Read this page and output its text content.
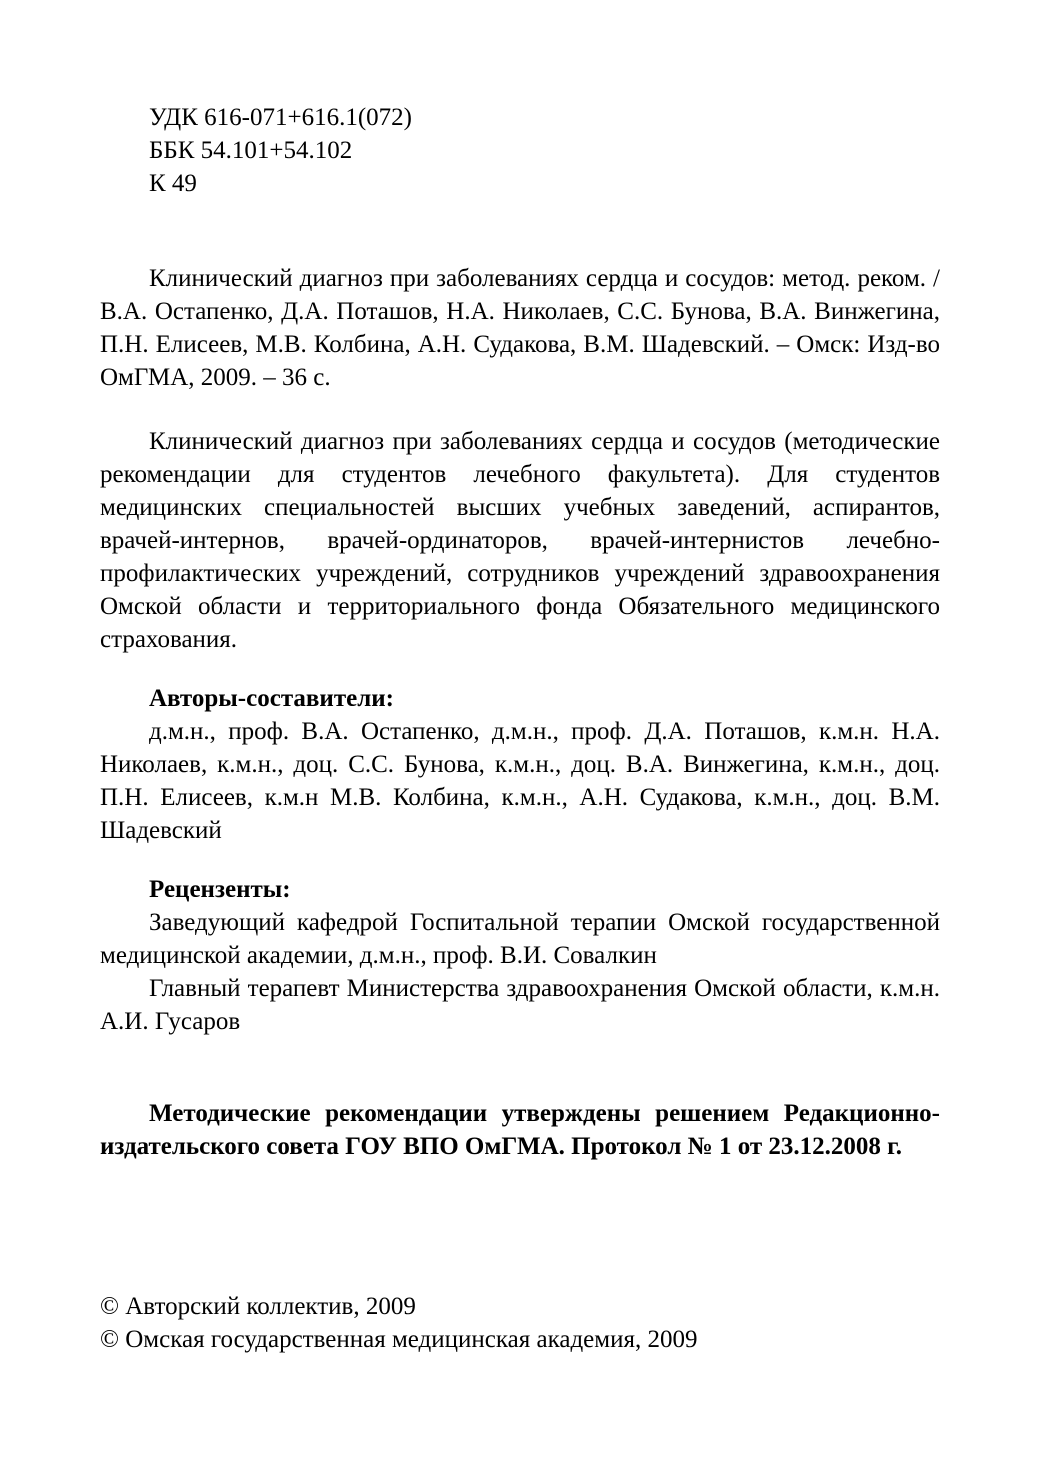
УДК 616-071+616.1(072)
ББК 54.101+54.102
К 49

Клинический диагноз при заболеваниях сердца и сосудов: метод. реком. / В.А. Остапенко, Д.А. Поташов, Н.А. Николаев, С.С. Бунова, В.А. Винжегина, П.Н. Елисеев, М.В. Колбина, А.Н. Судакова, В.М. Шадевский. – Омск: Изд-во ОмГМА, 2009. – 36 с.

Клинический диагноз при заболеваниях сердца и сосудов (методические рекомендации для студентов лечебного факультета). Для студентов медицинских специальностей высших учебных заведений, аспирантов, врачей-интернов, врачей-ординаторов, врачей-интернистов лечебно-профилактических учреждений, сотрудников учреждений здравоохранения Омской области и территориального фонда Обязательного медицинского страхования.

Авторы-составители:

д.м.н., проф. В.А. Остапенко, д.м.н., проф. Д.А. Поташов, к.м.н. Н.А. Николаев, к.м.н., доц. С.С. Бунова, к.м.н., доц. В.А. Винжегина, к.м.н., доц. П.Н. Елисеев, к.м.н М.В. Колбина, к.м.н., А.Н. Судакова, к.м.н., доц. В.М. Шадевский

Рецензенты:

Заведующий кафедрой Госпитальной терапии Омской государственной медицинской академии, д.м.н., проф. В.И. Совалкин

Главный терапевт Министерства здравоохранения Омской области, к.м.н. А.И. Гусаров

Методические рекомендации утверждены решением Редакционно-издательского совета ГОУ ВПО ОмГМА. Протокол № 1 от 23.12.2008 г.

© Авторский коллектив, 2009
© Омская государственная медицинская академия, 2009
